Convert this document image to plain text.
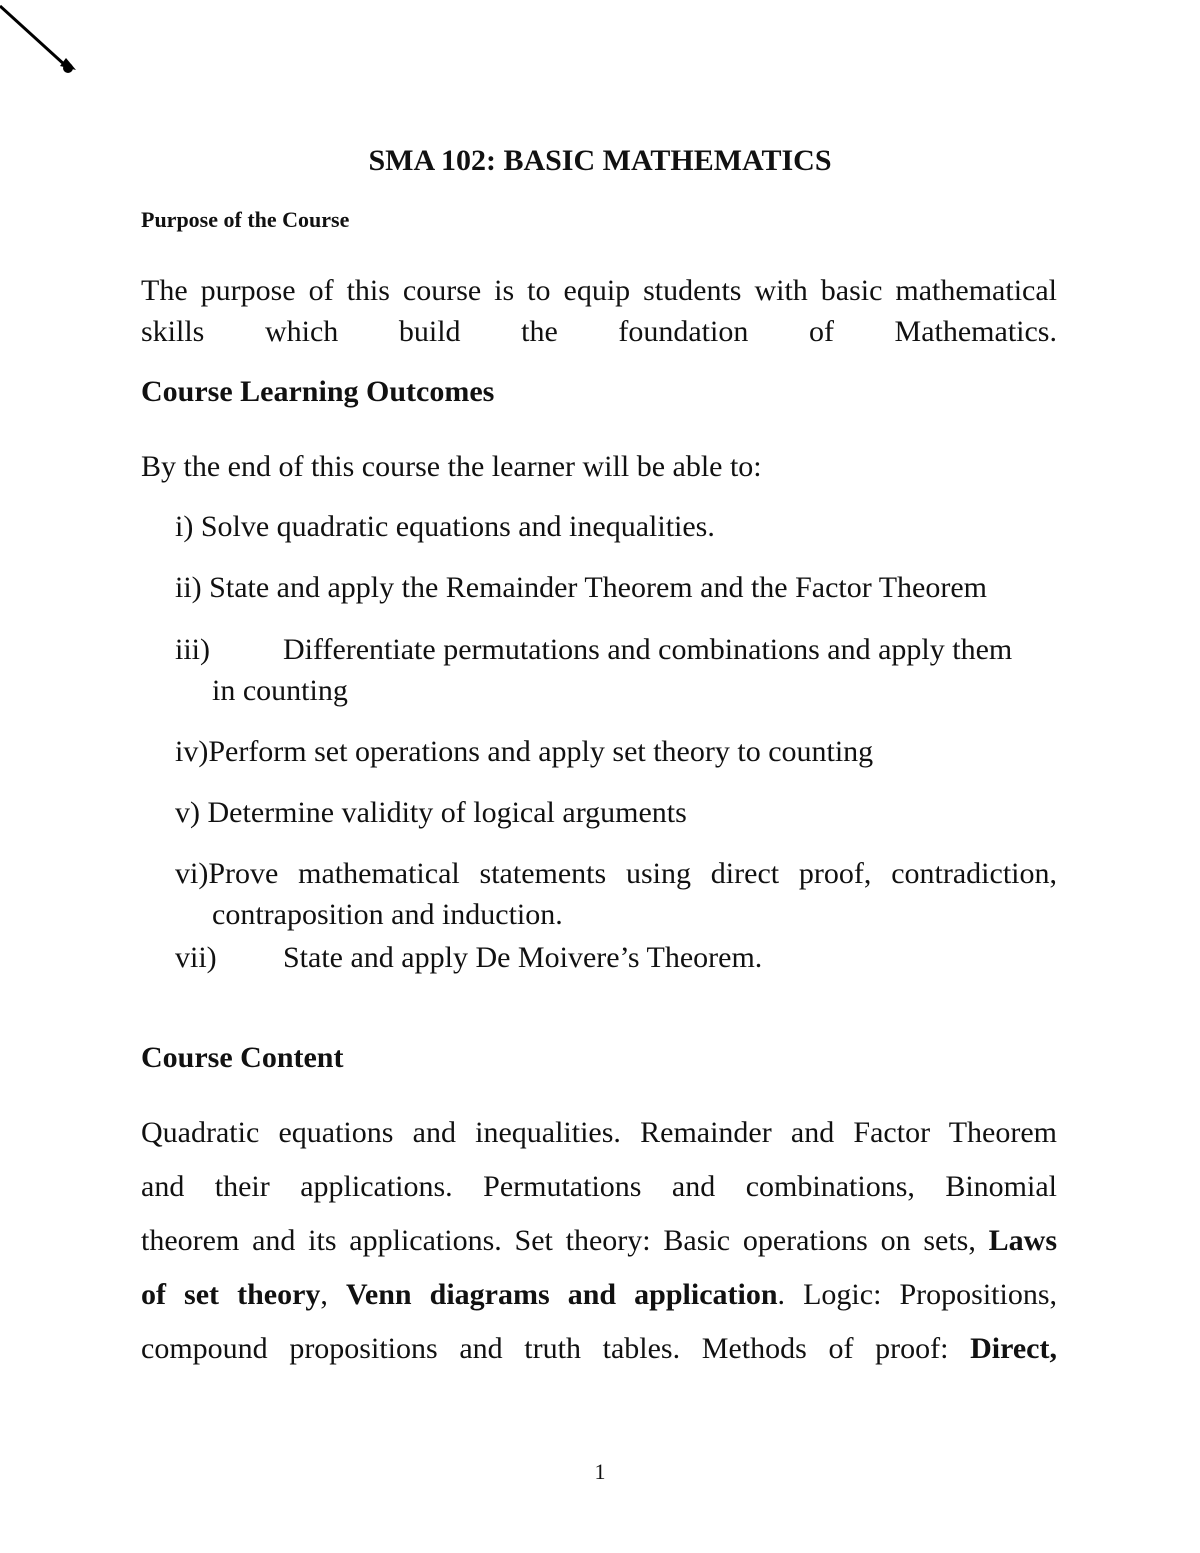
SMA 102: BASIC MATHEMATICS
Purpose of the Course

The purpose of this course is to equip students with basic mathematical skills which build the foundation of Mathematics.

Course Learning Outcomes
By the end of this course the learner will be able to:
i) Solve quadratic equations and inequalities.
ii) State and apply the Remainder Theorem and the Factor Theorem
iii) Differentiate permutations and combinations and apply them
in counting
iv)Perform set operations and apply set theory to counting
v) Determine validity of logical arguments
vi)Prove mathematical statements using direct proof, contradiction,
contraposition and induction.
vii) State and apply De Moivere’s Theorem.
Course Content
Quadratic equations and inequalities. Remainder and Factor Theorem
and their applications. Permutations and combinations, Binomial
theorem and its applications. Set theory: Basic operations on sets, Laws
of set theory, Venn diagrams and application. Logic: Propositions,
compound propositions and truth tables. Methods of proof: Direct,
1
